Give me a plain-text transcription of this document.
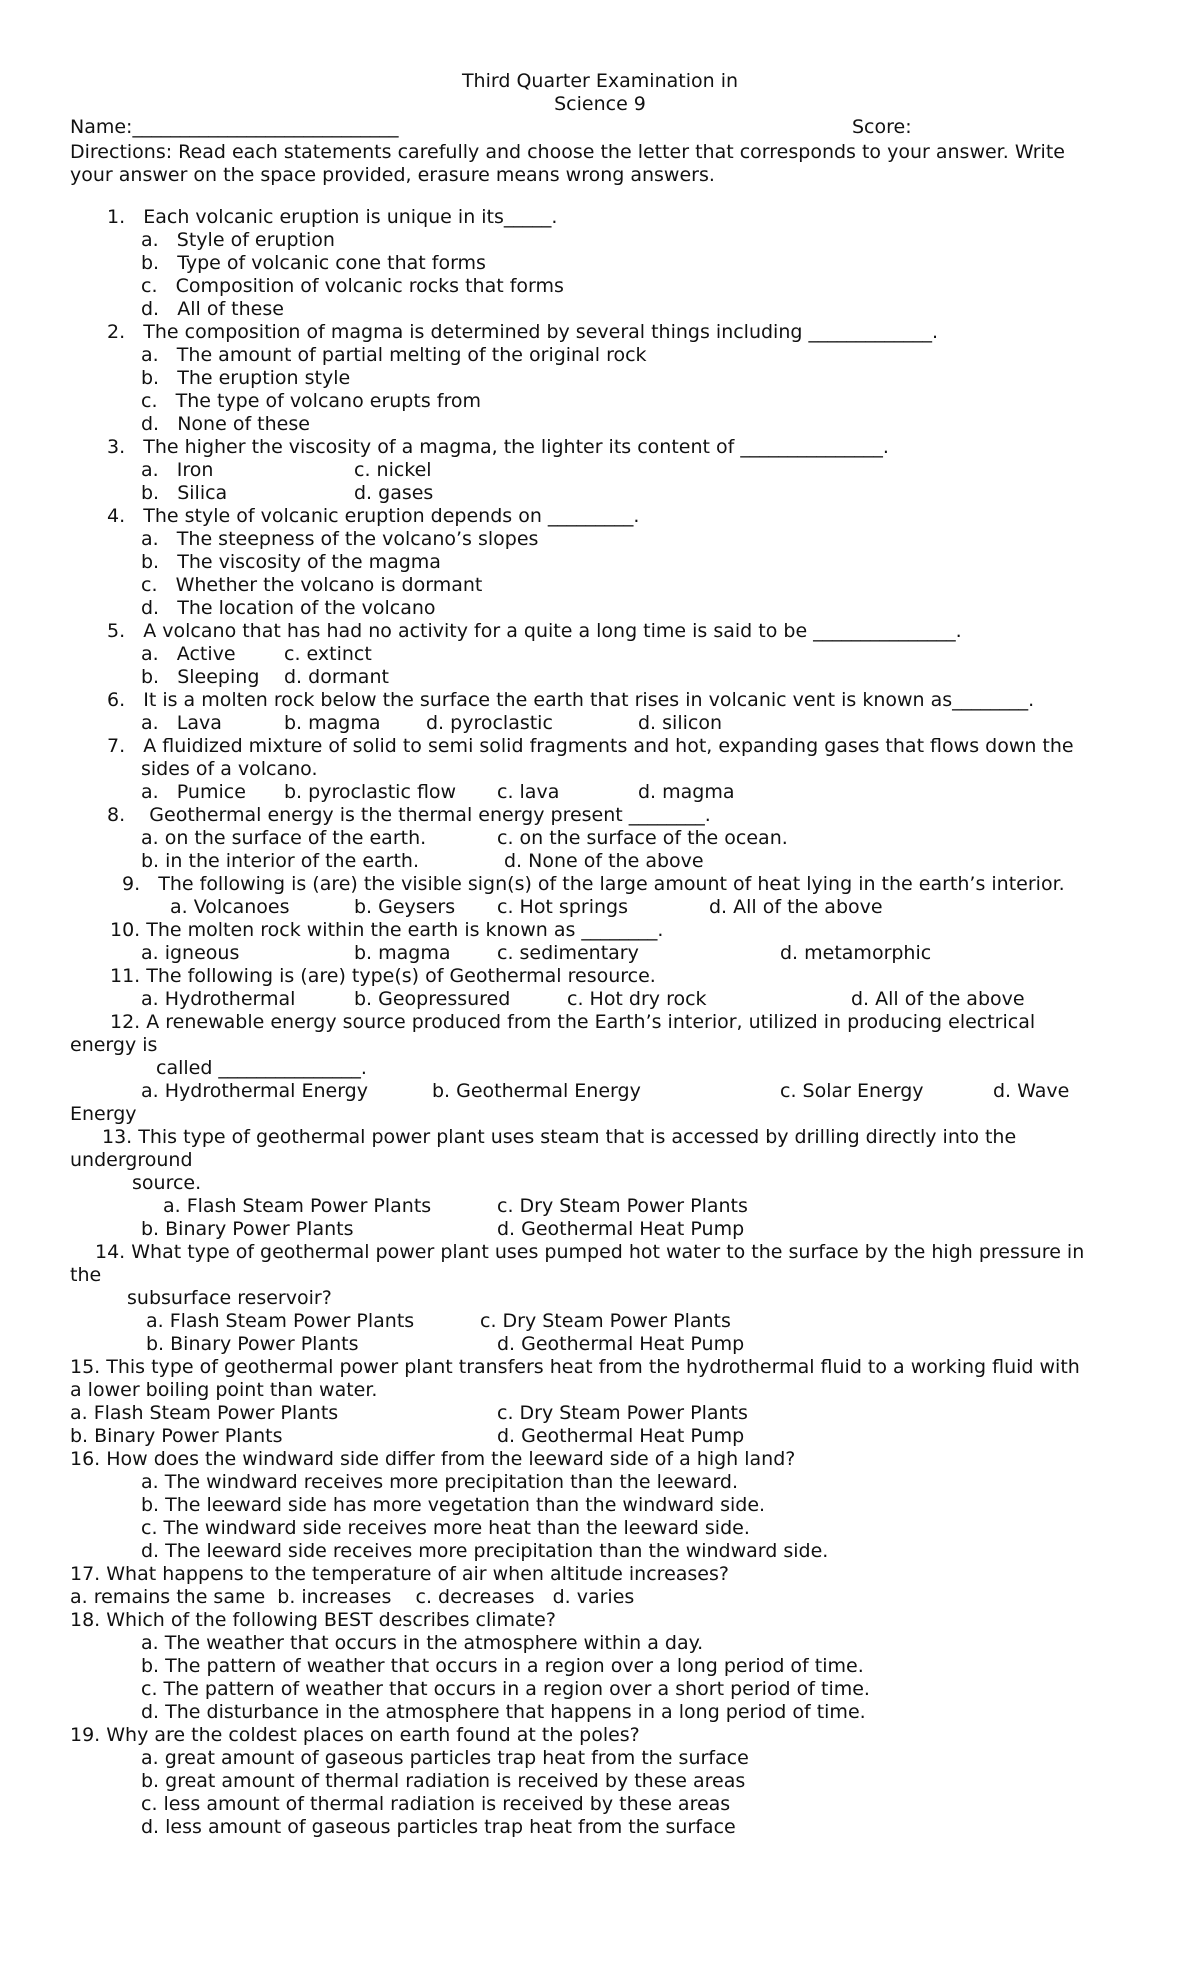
Third Quarter Examination in
Science 9
Name:____________________________	Score:
Directions: Read each statements carefully and choose the letter that corresponds to your answer. Write
your answer on the space provided, erasure means wrong answers.
1.   Each volcanic eruption is unique in its_____.
a.   Style of eruption
b.   Type of volcanic cone that forms
c.   Composition of volcanic rocks that forms
d.   All of these
2.   The composition of magma is determined by several things including _____________.
a.   The amount of partial melting of the original rock
b.   The eruption style
c.   The type of volcano erupts from
d.   None of these
3.   The higher the viscosity of a magma, the lighter its content of _______________.
a.   Iron	c. nickel
b.   Silica	d. gases
4.   The style of volcanic eruption depends on _________.
a.   The steepness of the volcano’s slopes
b.   The viscosity of the magma
c.   Whether the volcano is dormant
d.   The location of the volcano
5.   A volcano that has had no activity for a quite a long time is said to be _______________.
a.   Active	c. extinct
b.   Sleeping d. dormant
6.   It is a molten rock below the surface the earth that rises in volcanic vent is known as________.
a.   Lava	b. magma d. pyroclastic	d. silicon
7.   A fluidized mixture of solid to semi solid fragments and hot, expanding gases that flows down the
sides of a volcano.
a.   Pumice b. pyroclastic flow c. lava	d. magma
8.    Geothermal energy is the thermal energy present ________.
a. on the surface of the earth.	c. on the surface of the ocean.
b. in the interior of the earth.	d. None of the above
9.   The following is (are) the visible sign(s) of the large amount of heat lying in the earth’s interior.
a. Volcanoes	b. Geysers c. Hot springs	d. All of the above
10. The molten rock within the earth is known as ________.
a. igneous	b. magma c. sedimentary	d. metamorphic
11. The following is (are) type(s) of Geothermal resource.
a. Hydrothermal	b. Geopressured	c. Hot dry rock	d. All of the above
12. A renewable energy source produced from the Earth’s interior, utilized in producing electrical
energy is
called _______________.
a. Hydrothermal Energy	b. Geothermal Energy	c. Solar Energy	d. Wave
Energy
13. This type of geothermal power plant uses steam that is accessed by drilling directly into the
underground
source.
a. Flash Steam Power Plants	c. Dry Steam Power Plants
b. Binary Power Plants	d. Geothermal Heat Pump
14. What type of geothermal power plant uses pumped hot water to the surface by the high pressure in
the
subsurface reservoir?
a. Flash Steam Power Plants	c. Dry Steam Power Plants
b. Binary Power Plants	d. Geothermal Heat Pump
15. This type of geothermal power plant transfers heat from the hydrothermal fluid to a working fluid with
a lower boiling point than water.
a. Flash Steam Power Plants	c. Dry Steam Power Plants
b. Binary Power Plants	d. Geothermal Heat Pump
16. How does the windward side differ from the leeward side of a high land?
a. The windward receives more precipitation than the leeward.
b. The leeward side has more vegetation than the windward side.
c. The windward side receives more heat than the leeward side.
d. The leeward side receives more precipitation than the windward side.
17. What happens to the temperature of air when altitude increases?
a. remains the same  b. increases    c. decreases   d. varies
18. Which of the following BEST describes climate?
a. The weather that occurs in the atmosphere within a day.
b. The pattern of weather that occurs in a region over a long period of time.
c. The pattern of weather that occurs in a region over a short period of time.
d. The disturbance in the atmosphere that happens in a long period of time.
19. Why are the coldest places on earth found at the poles?
a. great amount of gaseous particles trap heat from the surface
b. great amount of thermal radiation is received by these areas
c. less amount of thermal radiation is received by these areas
d. less amount of gaseous particles trap heat from the surface
